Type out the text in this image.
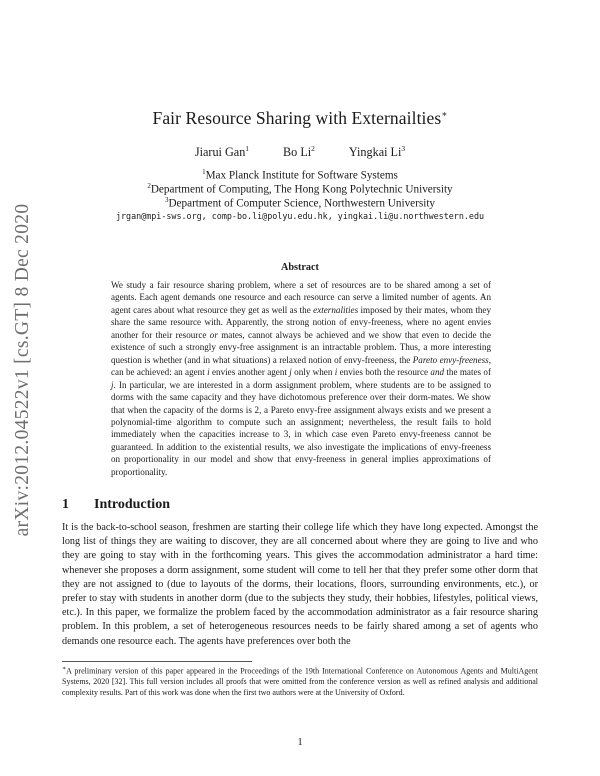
arXiv:2012.04522v1 [cs.GT] 8 Dec 2020
Fair Resource Sharing with Externailties∗
Jiarui Gan$^1$	Bo Li$^2$	Yingkai Li$^3$
$^1$Max Planck Institute for Software Systems
$^2$Department of Computing, The Hong Kong Polytechnic University
$^3$Department of Computer Science, Northwestern University
jrgan@mpi-sws.org, comp-bo.li@polyu.edu.hk, yingkai.li@u.northwestern.edu
Abstract
We study a fair resource sharing problem, where a set of resources are to be shared among a set of agents. Each agent demands one resource and each resource can serve a limited number of agents. An agent cares about what resource they get as well as the externalities imposed by their mates, whom they share the same resource with. Apparently, the strong notion of envy-freeness, where no agent envies another for their resource or mates, cannot always be achieved and we show that even to decide the existence of such a strongly envy-free assignment is an intractable problem. Thus, a more interesting question is whether (and in what situations) a relaxed notion of envy-freeness, the Pareto envy-freeness, can be achieved: an agent i envies another agent j only when i envies both the resource and the mates of j. In particular, we are interested in a dorm assignment problem, where students are to be assigned to dorms with the same capacity and they have dichotomous preference over their dorm-mates. We show that when the capacity of the dorms is 2, a Pareto envy-free assignment always exists and we present a polynomial-time algorithm to compute such an assignment; nevertheless, the result fails to hold immediately when the capacities increase to 3, in which case even Pareto envy-freeness cannot be guaranteed. In addition to the existential results, we also investigate the implications of envy-freeness on proportionality in our model and show that envy-freeness in general implies approximations of proportionality.
1 Introduction
It is the back-to-school season, freshmen are starting their college life which they have long expected. Amongst the long list of things they are waiting to discover, they are all concerned about where they are going to live and who they are going to stay with in the forthcoming years. This gives the accommodation administrator a hard time: whenever she proposes a dorm assignment, some student will come to tell her that they prefer some other dorm that they are not assigned to (due to layouts of the dorms, their locations, floors, surrounding environments, etc.), or prefer to stay with students in another dorm (due to the subjects they study, their hobbies, lifestyles, political views, etc.). In this paper, we formalize the problem faced by the accommodation administrator as a fair resource sharing problem. In this problem, a set of heterogeneous resources needs to be fairly shared among a set of agents who demands one resource each. The agents have preferences over both the
∗A preliminary version of this paper appeared in the Proceedings of the 19th International Conference on Autonomous Agents and MultiAgent Systems, 2020 [32]. This full version includes all proofs that were omitted from the conference version as well as refined analysis and additional complexity results. Part of this work was done when the first two authors were at the University of Oxford.
1
